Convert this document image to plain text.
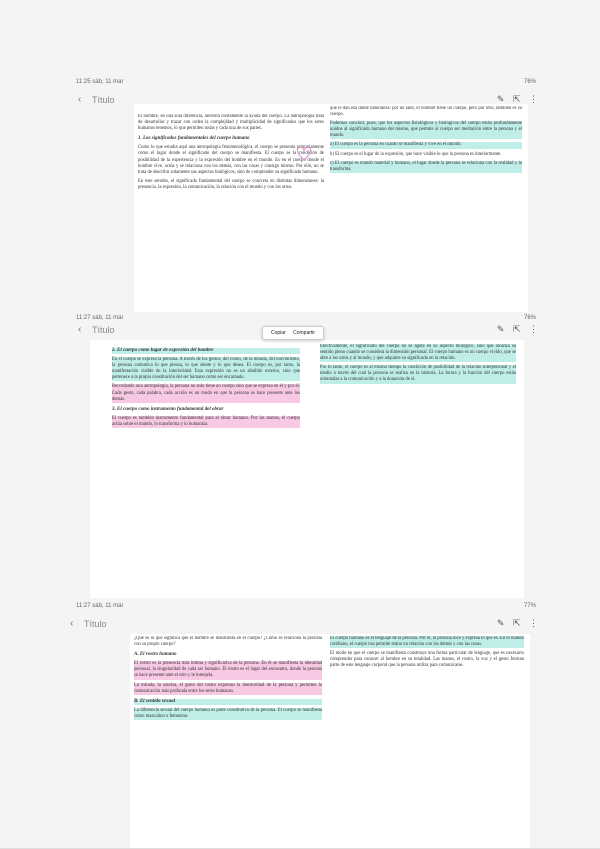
11:25 sáb, 11 mar	76%
‹ Título	✎ ⇱ ⋮

El hombre, en una sola diferencia, necesita ciertamente la ayuda del cuerpo. La antropología trata de desarrollar y trazar con orden la complejidad y multiplicidad de significados que los seres humanos tenemos, lo que permiten todas y cada una de sus partes.

1. Los significados fundamentales del cuerpo humano

Como lo que estudia aquí una antropología fenomenológica, el cuerpo se presenta primariamente como el lugar donde el significado del cuerpo se manifiesta. El cuerpo es la condición de posibilidad de la experiencia y la expresión del hombre en el mundo. Es en el cuerpo donde el hombre vive, actúa y se relaciona con los demás, con las cosas y consigo mismo. Por ello, no se trata de describir solamente sus aspectos biológicos, sino de comprender su significado humano.

En este sentido, el significado fundamental del cuerpo se concreta en distintas dimensiones: la presencia, la expresión, la comunicación, la relación con el mundo y con los otros.

que le dan esa doble naturaleza: por un lado, el hombre tiene un cuerpo, pero por otro, también es su cuerpo.

Podemos concluir, pues, que los aspectos fisiológicos y biológicos del cuerpo están profundamente unidos al significado humano del mismo, que permite al cuerpo ser mediación entre la persona y el mundo.

a) El cuerpo es la persona en cuanto se manifiesta y vive en el mundo.

b) El cuerpo es el lugar de la expresión, que hace visible lo que la persona es interiormente.

c) El cuerpo es mundo material y humano, el lugar donde la persona se relaciona con la realidad y la transforma.

11:27 sáb, 11 mar	76%
‹ Título	✎ ⇱ ⋮
2. El cuerpo como lugar de expresión del hombre

En el cuerpo se expresa la persona. A través de los gestos, del rostro, de la mirada, del movimiento, la persona comunica lo que piensa, lo que siente y lo que desea. El cuerpo es, por tanto, la manifestación visible de la interioridad. Esta expresión no es un añadido externo, sino que pertenece a la propia constitución del ser humano como ser encarnado.

Recordando una antropología, la persona no solo tiene un cuerpo sino que se expresa en él y por él. Cada gesto, cada palabra, cada acción es un modo en que la persona se hace presente ante los demás.

3. El cuerpo como instrumento fundamental del obrar

El cuerpo es también instrumento fundamental para el obrar humano. Por las manos, el cuerpo actúa sobre el mundo, lo transforma y lo humaniza.

Efectivamente, el significado del cuerpo no se agota en su aspecto biológico, sino que alcanza su sentido pleno cuando se considera la dimensión personal. El cuerpo humano es un cuerpo vivido, que se abre a los otros y al mundo, y que adquiere su significado en la relación.

Por lo tanto, el cuerpo es al mismo tiempo la condición de posibilidad de la relación interpersonal y el medio a través del cual la persona se realiza en la historia. La forma y la función del cuerpo están orientadas a la comunicación y a la donación de sí.

Copiar Compartir
11:27 sáb, 11 mar	77%
‹ Título	✎ ⇱ ⋮

¿Qué es lo que significa que el hombre se manifiesta en el cuerpo? ¿Cómo se relaciona la persona con su propio cuerpo?

A. El rostro humano

El rostro es la presencia más íntima y significativa de la persona. En él se manifiesta la identidad personal, la singularidad de cada ser humano. El rostro es el lugar del encuentro, donde la persona se hace presente ante el otro y le interpela.

La mirada, la sonrisa, el gesto del rostro expresan la interioridad de la persona y permiten la comunicación más profunda entre los seres humanos.

B. El sentido sexual

La diferencia sexual del cuerpo humano es parte constitutiva de la persona. El cuerpo se manifiesta como masculino o femenino.

El cuerpo humano es el lenguaje de la persona. Por él, la persona dice y expresa lo que es. En el mundo cotidiano, el cuerpo nos permite entrar en relación con los demás y con las cosas.

El modo en que el cuerpo se manifiesta constituye una forma particular de lenguaje, que es necesario comprender para conocer al hombre en su totalidad. Las manos, el rostro, la voz y el gesto forman parte de este lenguaje corporal que la persona utiliza para comunicarse.
